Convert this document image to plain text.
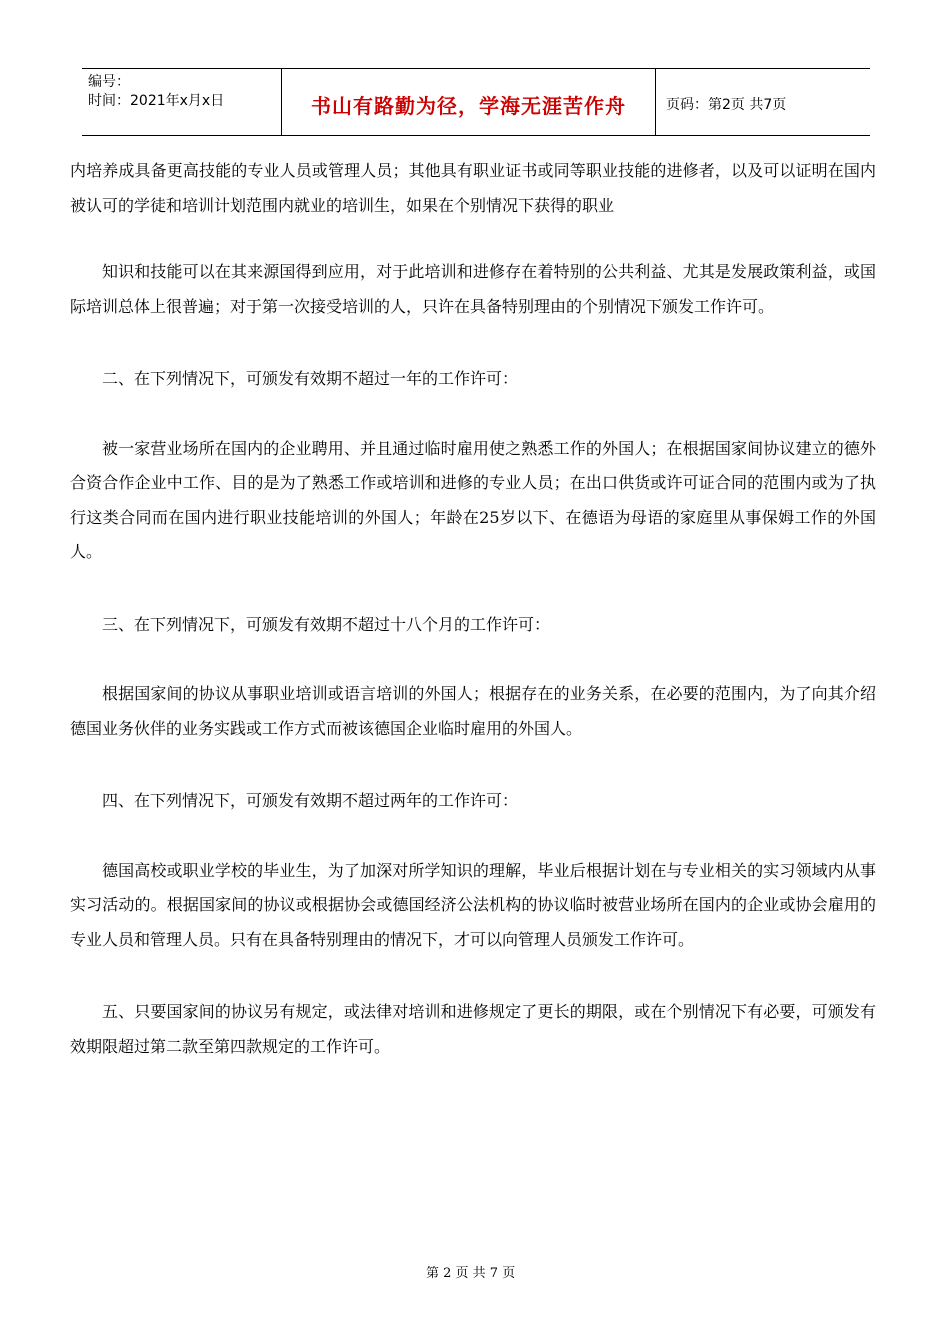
编号：
时间：2021年x月x日	书山有路勤为径，学海无涯苦作舟	页码：第2页 共7页

内培养成具备更高技能的专业人员或管理人员；其他具有职业证书或同等职业技能的进修者，以及可以证明在国内被认可的学徒和培训计划范围内就业的培训生，如果在个别情况下获得的职业

知识和技能可以在其来源国得到应用，对于此培训和进修存在着特别的公共利益、尤其是发展政策利益，或国际培训总体上很普遍；对于第一次接受培训的人，只许在具备特别理由的个别情况下颁发工作许可。

二、在下列情况下，可颁发有效期不超过一年的工作许可：

被一家营业场所在国内的企业聘用、并且通过临时雇用使之熟悉工作的外国人；在根据国家间协议建立的德外合资合作企业中工作、目的是为了熟悉工作或培训和进修的专业人员；在出口供货或许可证合同的范围内或为了执行这类合同而在国内进行职业技能培训的外国人；年龄在25岁以下、在德语为母语的家庭里从事保姆工作的外国人。

三、在下列情况下，可颁发有效期不超过十八个月的工作许可：

根据国家间的协议从事职业培训或语言培训的外国人；根据存在的业务关系，在必要的范围内，为了向其介绍德国业务伙伴的业务实践或工作方式而被该德国企业临时雇用的外国人。

四、在下列情况下，可颁发有效期不超过两年的工作许可：

德国高校或职业学校的毕业生，为了加深对所学知识的理解，毕业后根据计划在与专业相关的实习领域内从事实习活动的。根据国家间的协议或根据协会或德国经济公法机构的协议临时被营业场所在国内的企业或协会雇用的专业人员和管理人员。只有在具备特别理由的情况下，才可以向管理人员颁发工作许可。

五、只要国家间的协议另有规定，或法律对培训和进修规定了更长的期限，或在个别情况下有必要，可颁发有效期限超过第二款至第四款规定的工作许可。

第 2 页 共 7 页
